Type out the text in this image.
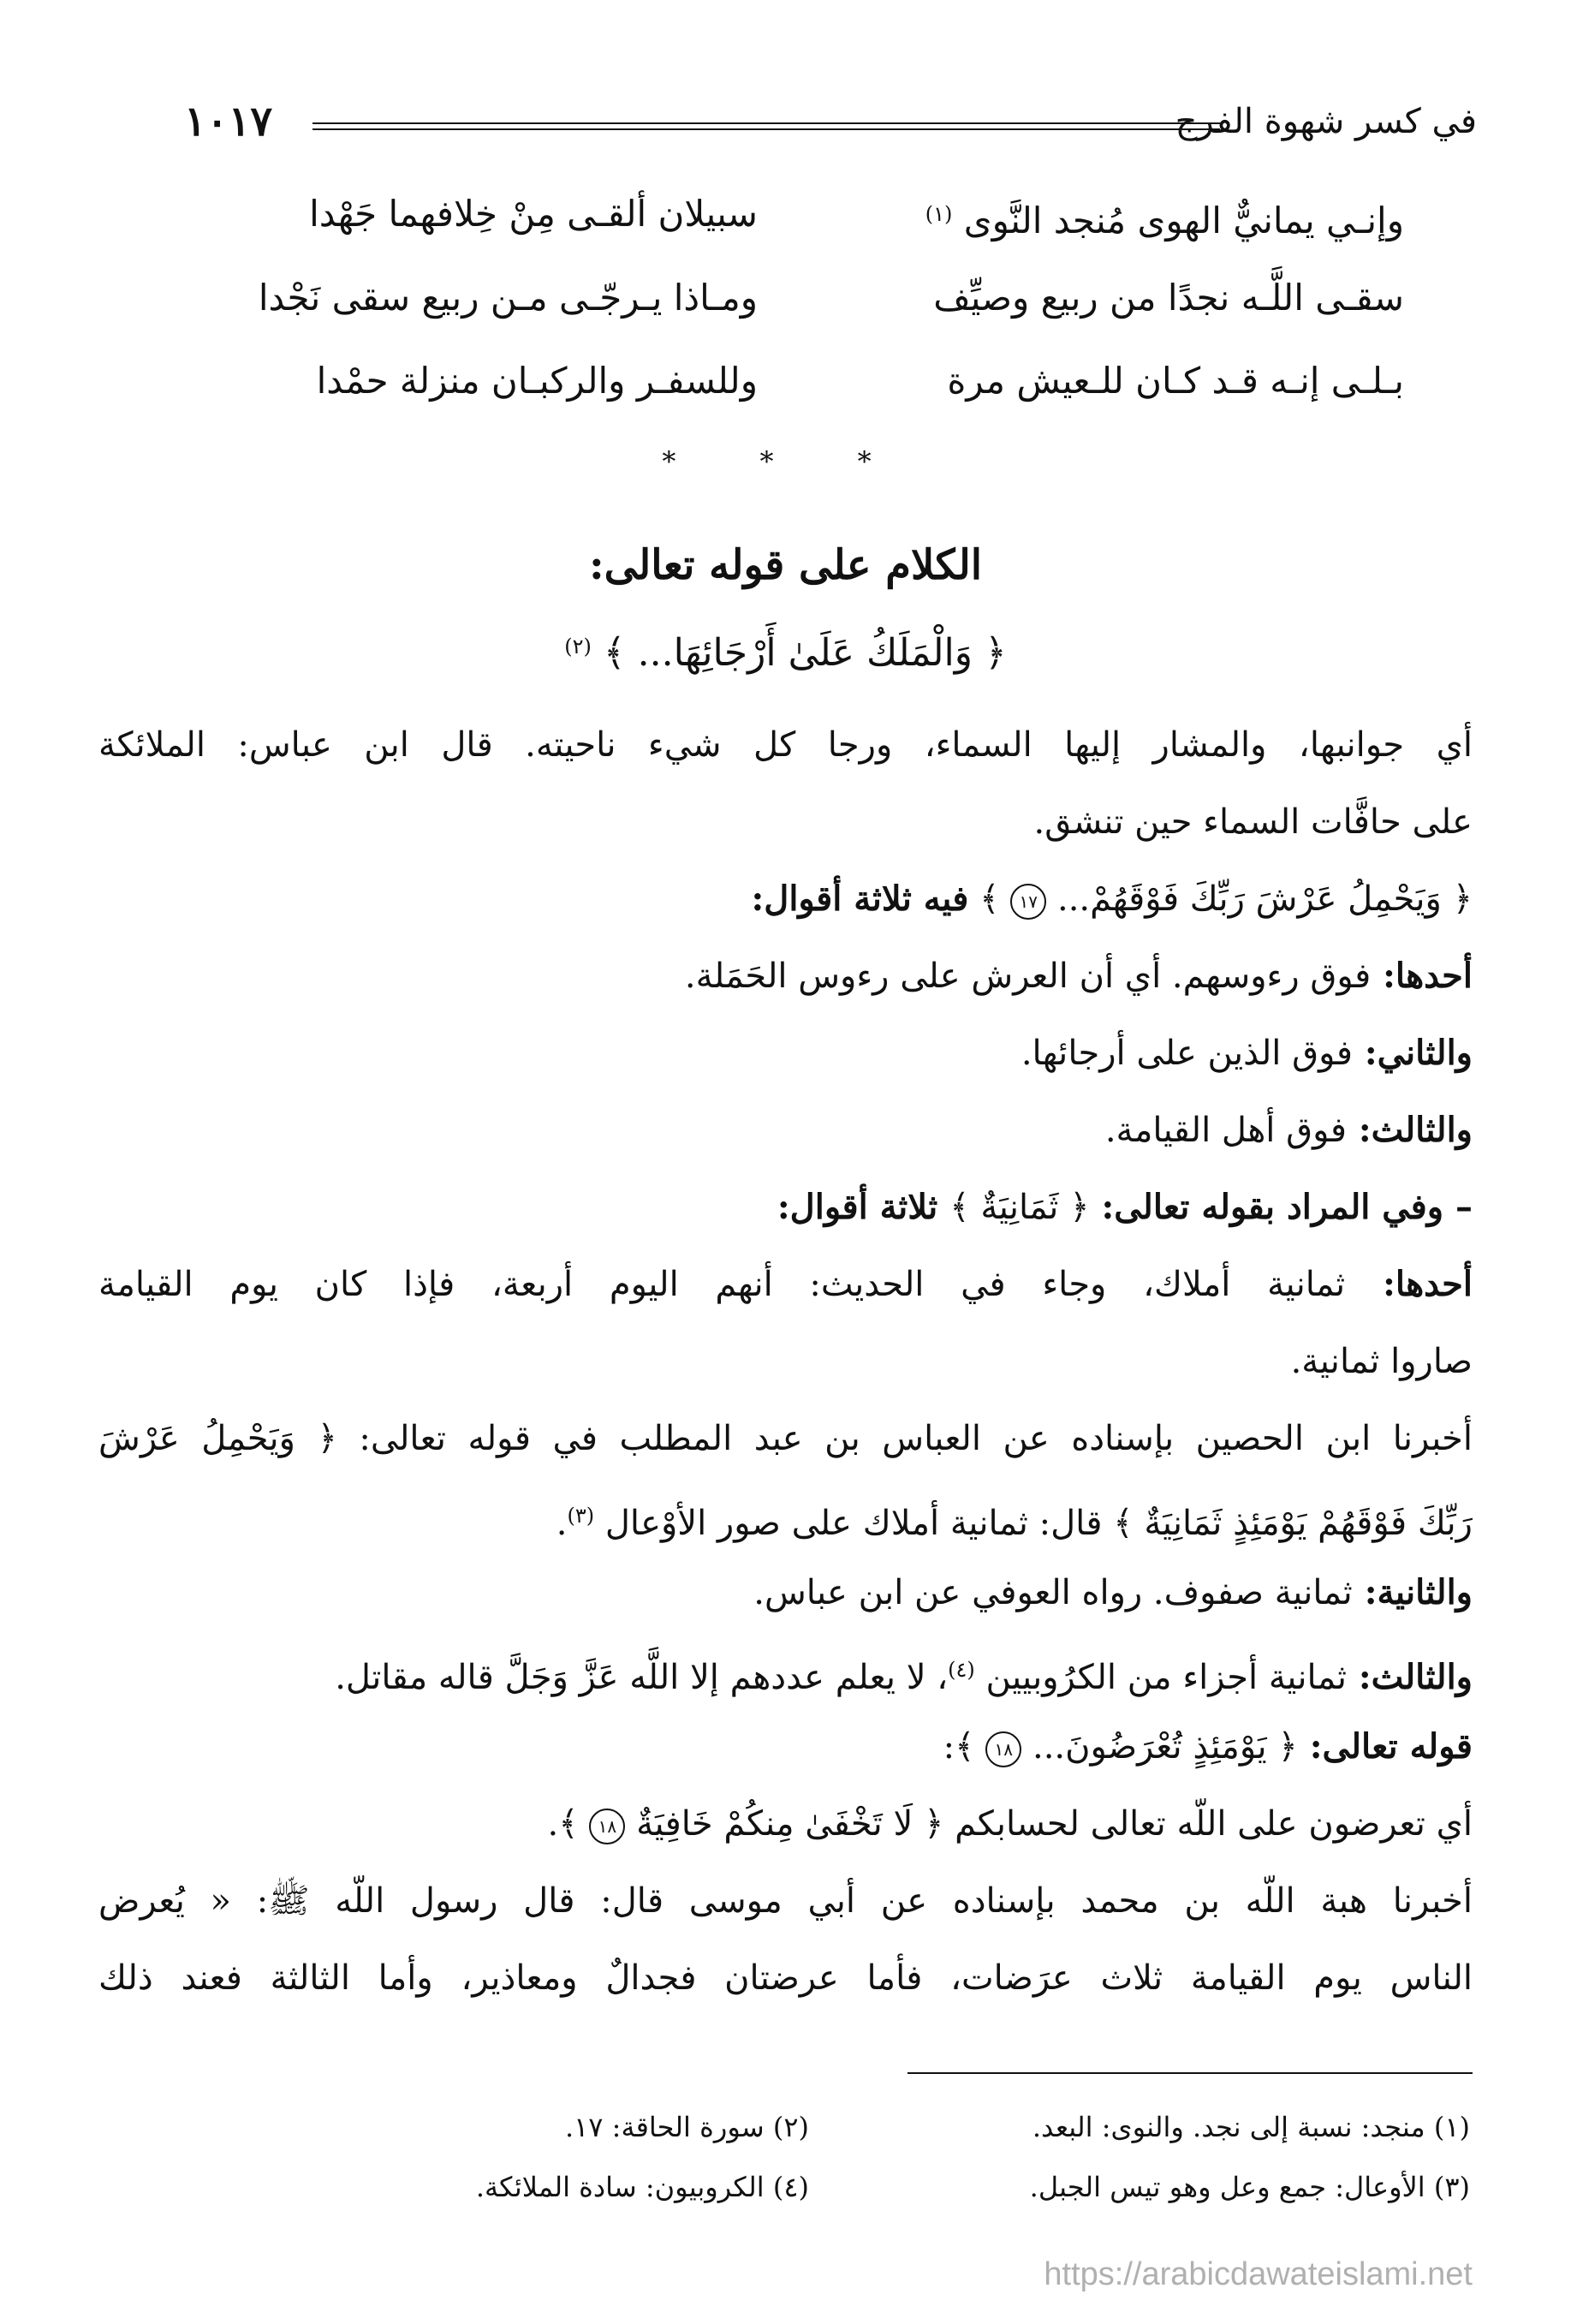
في كسر شهوة الفرج
١٠١٧
وإنـي يمانيٌّ الهوى مُنجد النَّوى $^{(١)}$
سبيلان ألقـى مِنْ خِلافهما جَهْدا
سقـى اللَّـه نجدًا من ربيع وصيِّف
ومـاذا يـرجّـى مـن ربيع سقى نَجْدا
بـلـى إنـه قـد كـان للـعيش مرة
وللسفـر والركبـان منزلة حمْدا
* * *
الكلام على قوله تعالى:
﴿ وَالْمَلَكُ عَلَىٰ أَرْجَائِهَا... ﴾ $^{(٢)}$
أي جوانبها، والمشار إليها السماء، ورجا كل شيء ناحيته. قال ابن عباس: الملائكة
على حافَّات السماء حين تنشق.
﴿ وَيَحْمِلُ عَرْشَ رَبِّكَ فَوْقَهُمْ... ١٧ ﴾ فيه ثلاثة أقوال:
أحدها: فوق رءوسهم. أي أن العرش على رءوس الحَمَلة.
والثاني: فوق الذين على أرجائها.
والثالث: فوق أهل القيامة.
– وفي المراد بقوله تعالى: ﴿ ثَمَانِيَةٌ ﴾ ثلاثة أقوال:
أحدها: ثمانية أملاك، وجاء في الحديث: أنهم اليوم أربعة، فإذا كان يوم القيامة
صاروا ثمانية.
أخبرنا ابن الحصين بإسناده عن العباس بن عبد المطلب في قوله تعالى: ﴿ وَيَحْمِلُ عَرْشَ
رَبِّكَ فَوْقَهُمْ يَوْمَئِذٍ ثَمَانِيَةٌ ﴾ قال: ثمانية أملاك على صور الأوْعال $^{(٣)}$.
والثانية: ثمانية صفوف. رواه العوفي عن ابن عباس.
والثالث: ثمانية أجزاء من الكرُوبيين $^{(٤)}$، لا يعلم عددهم إلا اللَّه عَزَّ وَجَلَّ قاله مقاتل.
قوله تعالى: ﴿ يَوْمَئِذٍ تُعْرَضُونَ... ١٨ ﴾:
أي تعرضون على اللَّه تعالى لحسابكم ﴿ لَا تَخْفَىٰ مِنكُمْ خَافِيَةٌ ١٨ ﴾.
أخبرنا هبة اللَّه بن محمد بإسناده عن أبي موسى قال: قال رسول اللَّه ﷺ: « يُعرض
الناس يوم القيامة ثلاث عرَضات، فأما عرضتان فجدالٌ ومعاذير، وأما الثالثة فعند ذلك
(١) منجد: نسبة إلى نجد. والنوى: البعد.
(٢) سورة الحاقة: ١٧.
(٣) الأوعال: جمع وعل وهو تيس الجبل.
(٤) الكروبيون: سادة الملائكة.
https://arabicdawateislami.net
